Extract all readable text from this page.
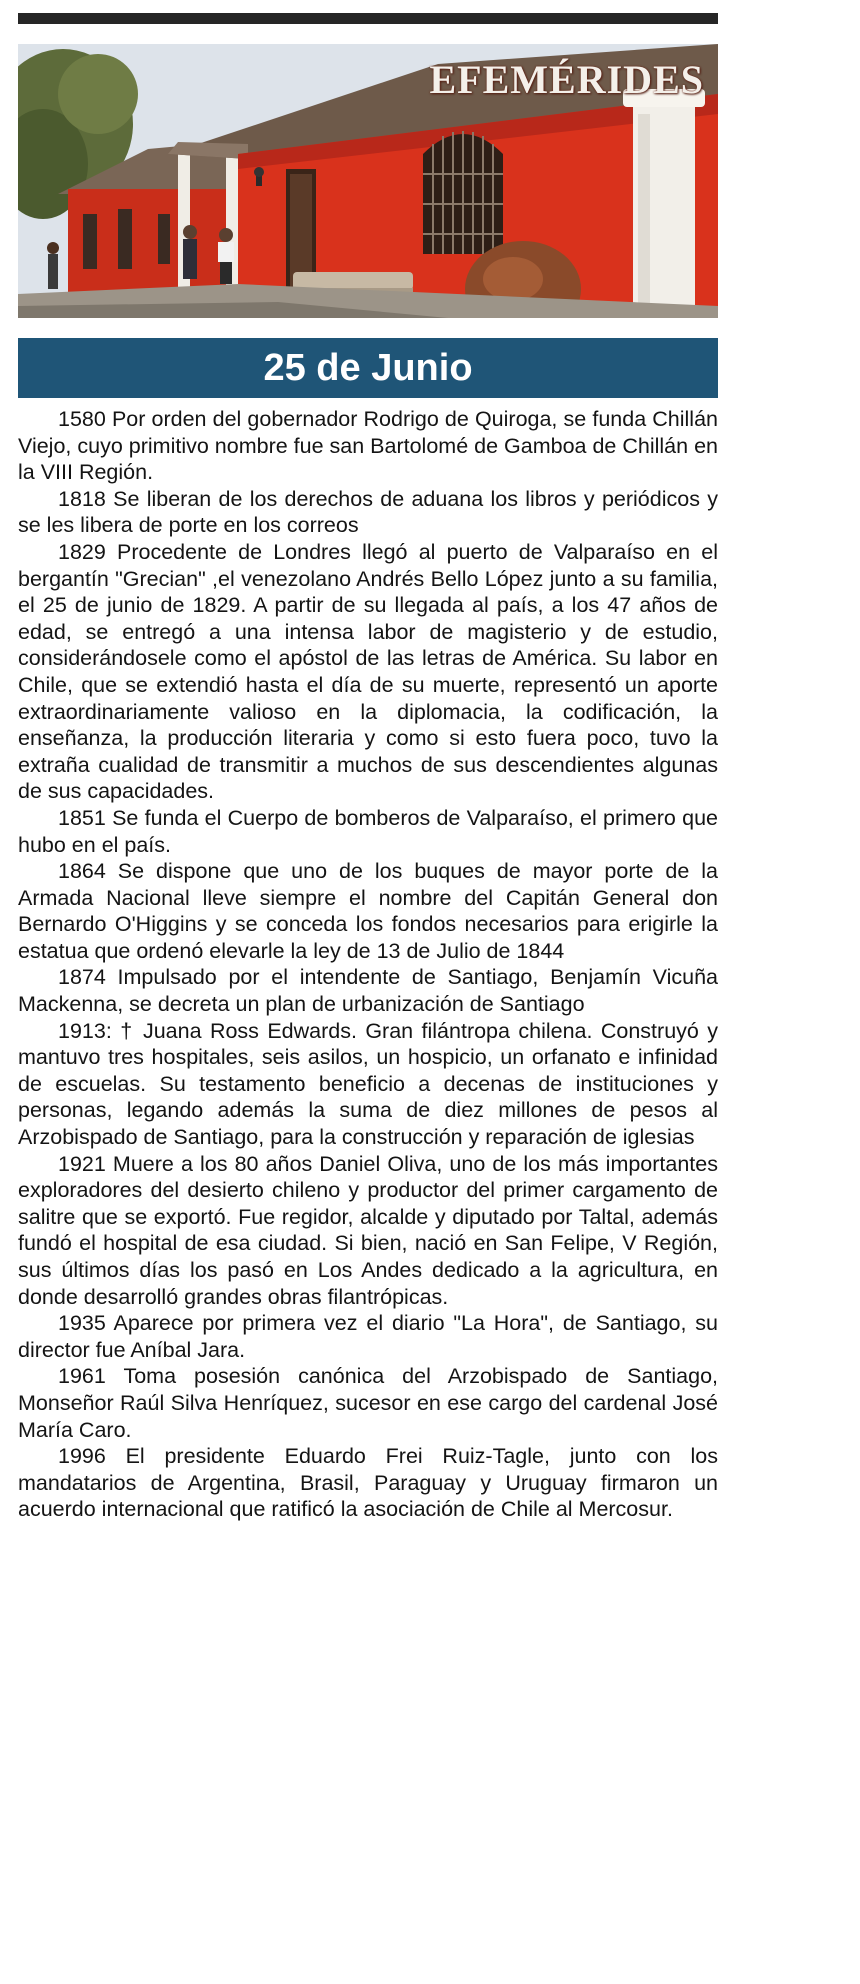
EFEMÉRIDES
25 de Junio

1580 Por orden del gobernador Rodrigo de Quiroga, se funda Chillán Viejo, cuyo primitivo nombre fue san Bartolomé de Gamboa de Chillán en la VIII Región.

1818 Se liberan de los derechos de aduana los libros y periódicos y se les libera de porte en los correos

1829 Procedente de Londres llegó al puerto de Valparaíso en el bergantín "Grecian" ,el venezolano Andrés Bello López junto a su familia, el 25 de junio de 1829. A partir de su llegada al país, a los 47 años de edad, se entregó a una intensa labor de magisterio y de estudio, considerándosele como el apóstol de las letras de América. Su labor en Chile, que se extendió hasta el día de su muerte, representó un aporte extraordinariamente valioso en la diplomacia, la codificación, la enseñanza, la producción literaria y como si esto fuera poco, tuvo la extraña cualidad de transmitir a muchos de sus descendientes algunas de sus capacidades.

1851 Se funda el Cuerpo de bomberos de Valparaíso, el primero que hubo en el país.

1864 Se dispone que uno de los buques de mayor porte de la Armada Nacional lleve siempre el nombre del Capitán General don Bernardo O'Higgins y se conceda los fondos necesarios para erigirle la estatua que ordenó elevarle la ley de 13 de Julio de 1844

1874 Impulsado por el intendente de Santiago, Benjamín Vicuña Mackenna, se decreta un plan de urbanización de Santiago

1913: † Juana Ross Edwards. Gran filántropa chilena. Construyó y mantuvo tres hospitales, seis asilos, un hospicio, un orfanato e infinidad de escuelas. Su testamento beneficio a decenas de instituciones y personas, legando además la suma de diez millones de pesos al Arzobispado de Santiago, para la construcción y reparación de iglesias

1921 Muere a los 80 años Daniel Oliva, uno de los más importantes exploradores del desierto chileno y productor del primer cargamento de salitre que se exportó. Fue regidor, alcalde y diputado por Taltal, además fundó el hospital de esa ciudad. Si bien, nació en San Felipe, V Región, sus últimos días los pasó en Los Andes dedicado a la agricultura, en donde desarrolló grandes obras filantrópicas.

1935 Aparece por primera vez el diario "La Hora", de Santiago, su director fue Aníbal Jara.

1961 Toma posesión canónica del Arzobispado de Santiago, Monseñor Raúl Silva Henríquez, sucesor en ese cargo del cardenal José María Caro.

1996 El presidente Eduardo Frei Ruiz-Tagle, junto con los mandatarios de Argentina, Brasil, Paraguay y Uruguay firmaron un acuerdo internacional que ratificó la asociación de Chile al Mercosur.
